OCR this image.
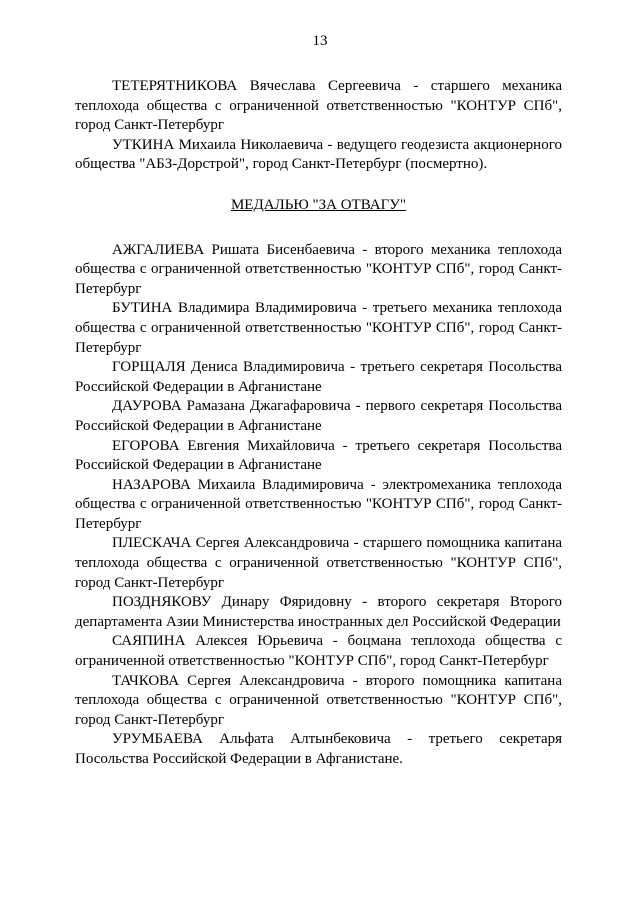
13

ТЕТЕРЯТНИКОВА Вячеслава Сергеевича - старшего механика теплохода общества с ограниченной ответственностью "КОНТУР СПб", город Санкт-Петербург

УТКИНА Михаила Николаевича - ведущего геодезиста акционерного общества "АБЗ-Дорстрой", город Санкт-Петербург (посмертно).

МЕДАЛЬЮ "ЗА ОТВАГУ"

АЖГАЛИЕВА Ришата Бисенбаевича - второго механика теплохода общества с ограниченной ответственностью "КОНТУР СПб", город Санкт-Петербург

БУТИНА Владимира Владимировича - третьего механика теплохода общества с ограниченной ответственностью "КОНТУР СПб", город Санкт-Петербург

ГОРЩАЛЯ Дениса Владимировича - третьего секретаря Посольства Российской Федерации в Афганистане

ДАУРОВА Рамазана Джагафаровича - первого секретаря Посольства Российской Федерации в Афганистане

ЕГОРОВА Евгения Михайловича - третьего секретаря Посольства Российской Федерации в Афганистане

НАЗАРОВА Михаила Владимировича - электромеханика теплохода общества с ограниченной ответственностью "КОНТУР СПб", город Санкт-Петербург

ПЛЕСКАЧА Сергея Александровича - старшего помощника капитана теплохода общества с ограниченной ответственностью "КОНТУР СПб", город Санкт-Петербург

ПОЗДНЯКОВУ Динару Фяридовну - второго секретаря Второго департамента Азии Министерства иностранных дел Российской Федерации

САЯПИНА Алексея Юрьевича - боцмана теплохода общества с ограниченной ответственностью "КОНТУР СПб", город Санкт-Петербург

ТАЧКОВА Сергея Александровича - второго помощника капитана теплохода общества с ограниченной ответственностью "КОНТУР СПб", город Санкт-Петербург

УРУМБАЕВА Альфата Алтынбековича - третьего секретаря Посольства Российской Федерации в Афганистане.
